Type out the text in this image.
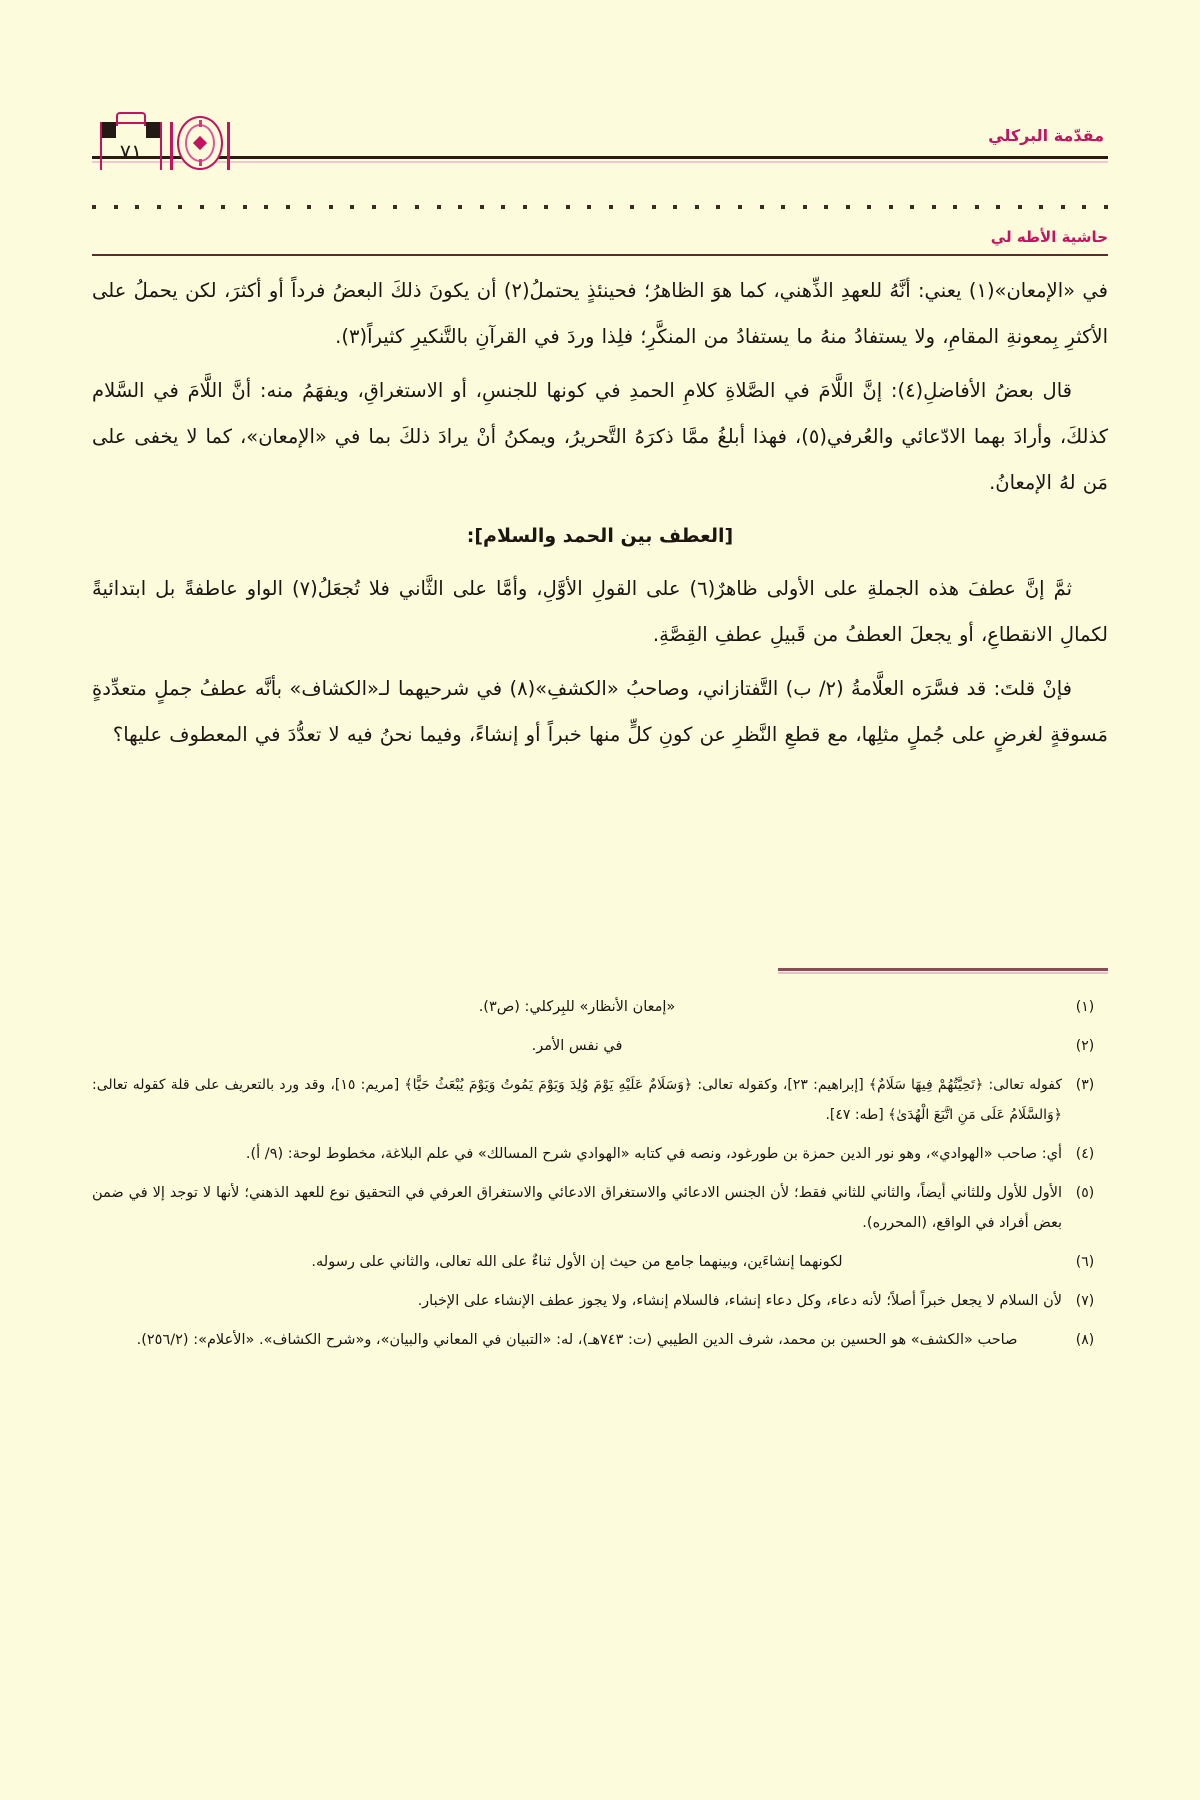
مقدّمة البركلي
٧١
حاشية الأطه لي

في «الإمعان»(١) يعني: أنَّهُ للعهدِ الذِّهني، كما هوَ الظاهرُ؛ فحينئذٍ يحتملُ(٢) أن يكونَ ذلكَ البعضُ فرداً أو أكثرَ، لكن يحملُ على الأكثرِ بِمعونةِ المقامِ، ولا يستفادُ منهُ ما يستفادُ من المنكَّرِ؛ فلِذا وردَ في القرآنِ بالتَّنكيرِ كثيراً(٣).

قال بعضُ الأفاضلِ(٤): إنَّ اللَّامَ في الصَّلاةِ كلامِ الحمدِ في كونها للجنسِ، أو الاستغراقِ، ويفهَمُ منه: أنَّ اللَّامَ في السَّلام كذلكَ، وأرادَ بهما الادّعائي والعُرفي(٥)، فهذا أبلغُ ممَّا ذكرَهُ التَّحريرُ، ويمكنُ أنْ يرادَ ذلكَ بما في «الإمعان»، كما لا يخفى على مَن لهُ الإمعانُ.

[العطف بين الحمد والسلام]:

ثمَّ إنَّ عطفَ هذه الجملةِ على الأولى ظاهرٌ(٦) على القولِ الأوَّلِ، وأمَّا على الثَّاني فلا تُجعَلُ(٧) الواو عاطفةً بل ابتدائيةً لكمالِ الانقطاعِ، أو يجعلَ العطفُ من قَبيلِ عطفِ القِصَّةِ.

فإنْ قلتَ: قد فسَّرَه العلَّامةُ (٢/ ب) التَّفتازاني، وصاحبُ «الكشفِ»(٨) في شرحيهما لـ«الكشاف» بأنَّه عطفُ جملٍ متعدِّدةٍ مَسوقةٍ لغرضٍ على جُملٍ مثلِها، مع قطعِ النَّظرِ عن كونِ كلٍّ منها خبراً أو إنشاءً، وفيما نحنُ فيه لا تعدُّدَ في المعطوف عليها؟

(١)
«إمعان الأنظار» للبِركلي: (ص٣).
(٢)
في نفس الأمر.
(٣)
كفوله تعالى: ﴿تَحِيَّتُهُمْ فِيهَا سَلَامٌ﴾ [إبراهيم: ٢٣]، وكقوله تعالى: ﴿وَسَلَامٌ عَلَيْهِ يَوْمَ وُلِدَ وَيَوْمَ يَمُوتُ وَيَوْمَ يُبْعَثُ حَيًّا﴾ [مريم: ١٥]، وقد ورد بالتعريف على قلة كقوله تعالى: ﴿وَالسَّلَامُ عَلَى مَنِ اتَّبَعَ الْهُدَىٰ﴾ [طه: ٤٧].
(٤)
أي: صاحب «الهوادي»، وهو نور الدين حمزة بن طورغود، ونصه في كتابه «الهوادي شرح المسالك» في علم البلاغة، مخطوط لوحة: (٩/ أ).
(٥)
الأول للأول وللثاني أيضاً، والثاني للثاني فقط؛ لأن الجنس الادعائي والاستغراق الادعائي والاستغراق العرفي في التحقيق نوع للعهد الذهني؛ لأنها لا توجد إلا في ضمن بعض أفراد في الواقع، (المحرره).
(٦)
لكونهما إنشاءَين، وبينهما جامع من حيث إن الأول ثناءٌ على الله تعالى، والثاني على رسوله.
(٧)
لأن السلام لا يجعل خبراً أصلاً؛ لأنه دعاء، وكل دعاء إنشاء، فالسلام إنشاء، ولا يجوز عطف الإنشاء على الإخبار.
(٨)
صاحب «الكشف» هو الحسين بن محمد، شرف الدين الطيبي (ت: ٧٤٣هـ)، له: «التبيان في المعاني والبيان»، و«شرح الكشاف». «الأعلام»: (٢٥٦/٢).
